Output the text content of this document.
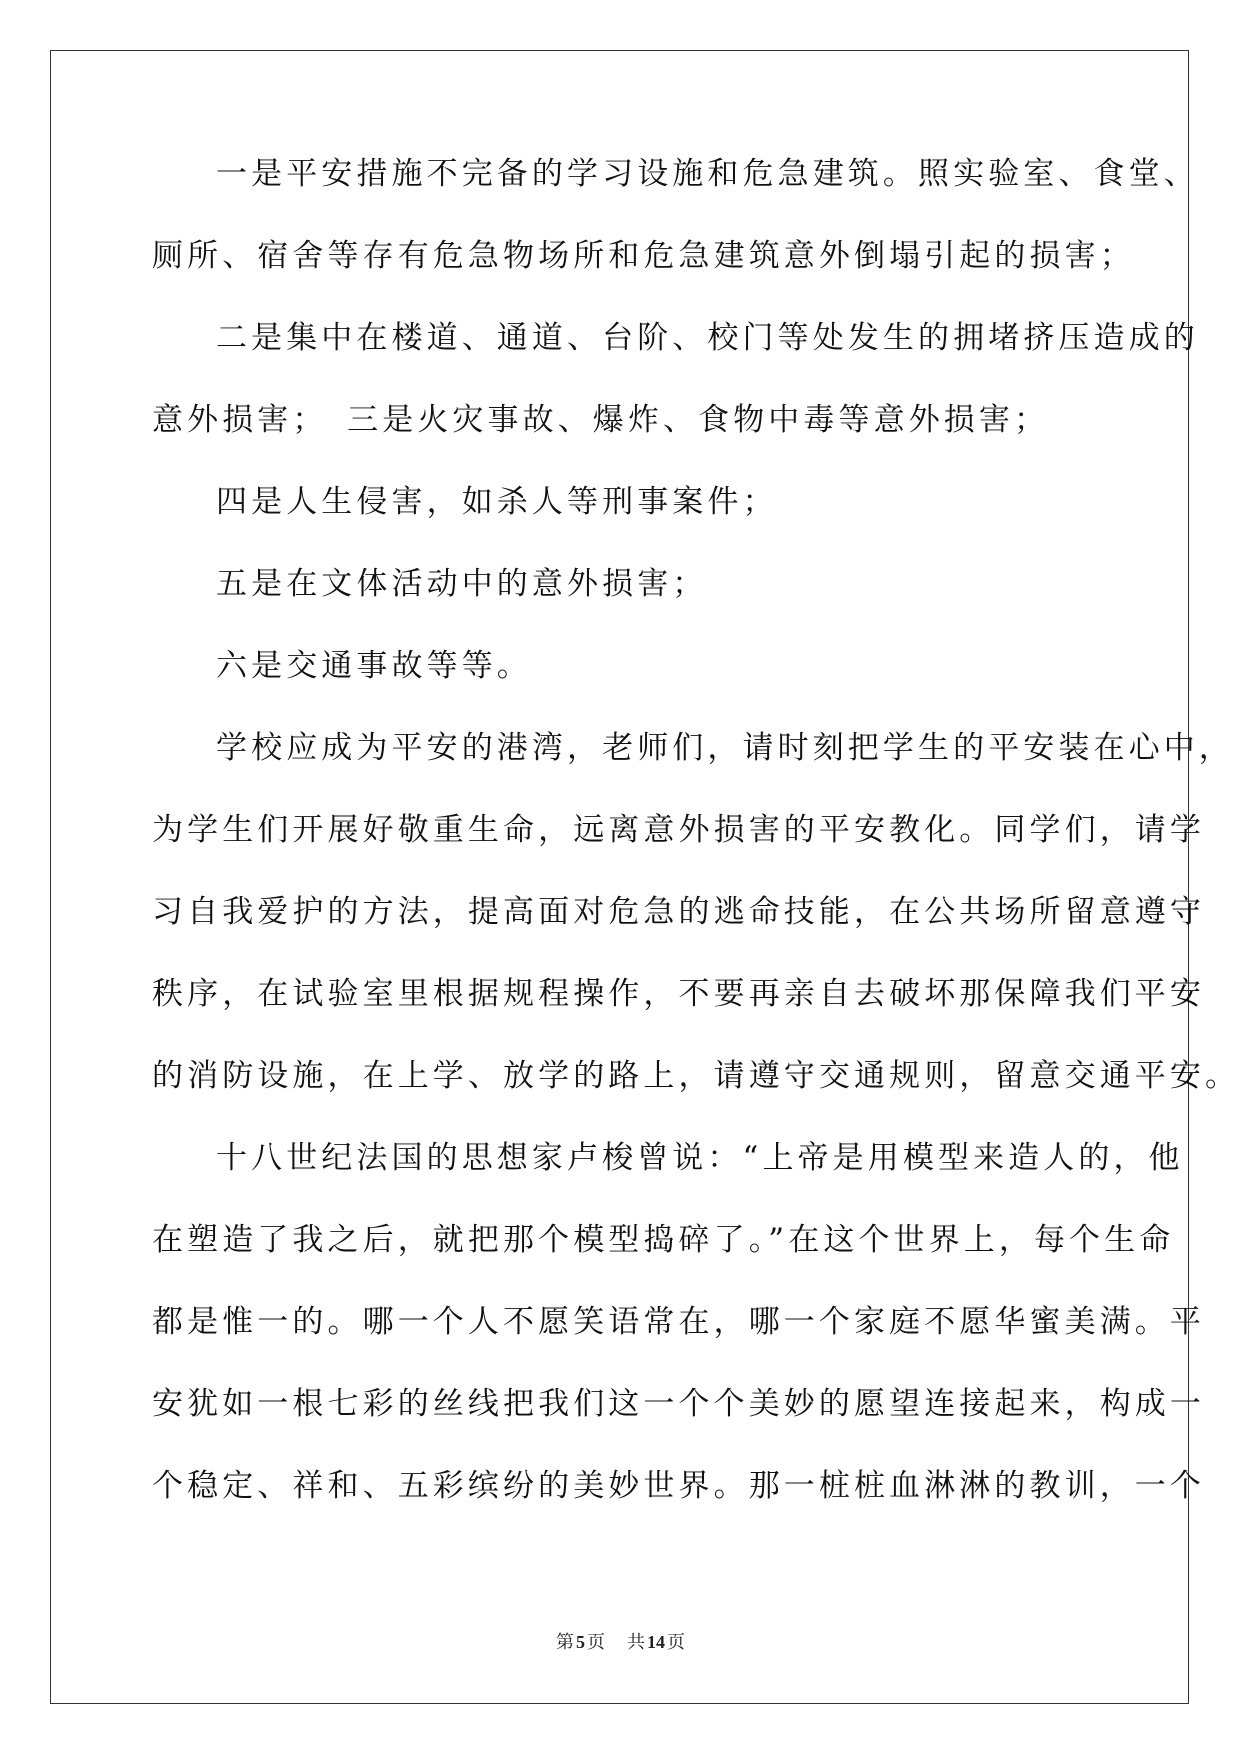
一是平安措施不完备的学习设施和危急建筑。照实验室、食堂、
厕所、宿舍等存有危急物场所和危急建筑意外倒塌引起的损害；
二是集中在楼道、通道、台阶、校门等处发生的拥堵挤压造成的
意外损害；　三是火灾事故、爆炸、食物中毒等意外损害；
四是人生侵害，如杀人等刑事案件；
五是在文体活动中的意外损害；
六是交通事故等等。
学校应成为平安的港湾，老师们，请时刻把学生的平安装在心中，
为学生们开展好敬重生命，远离意外损害的平安教化。同学们，请学
习自我爱护的方法，提高面对危急的逃命技能，在公共场所留意遵守
秩序，在试验室里根据规程操作，不要再亲自去破坏那保障我们平安
的消防设施，在上学、放学的路上，请遵守交通规则，留意交通平安。
十八世纪法国的思想家卢梭曾说：“上帝是用模型来造人的，他
在塑造了我之后，就把那个模型捣碎了。”在这个世界上，每个生命
都是惟一的。哪一个人不愿笑语常在，哪一个家庭不愿华蜜美满。平
安犹如一根七彩的丝线把我们这一个个美妙的愿望连接起来，构成一
个稳定、祥和、五彩缤纷的美妙世界。那一桩桩血淋淋的教训，一个
第 5 页 共 14 页
